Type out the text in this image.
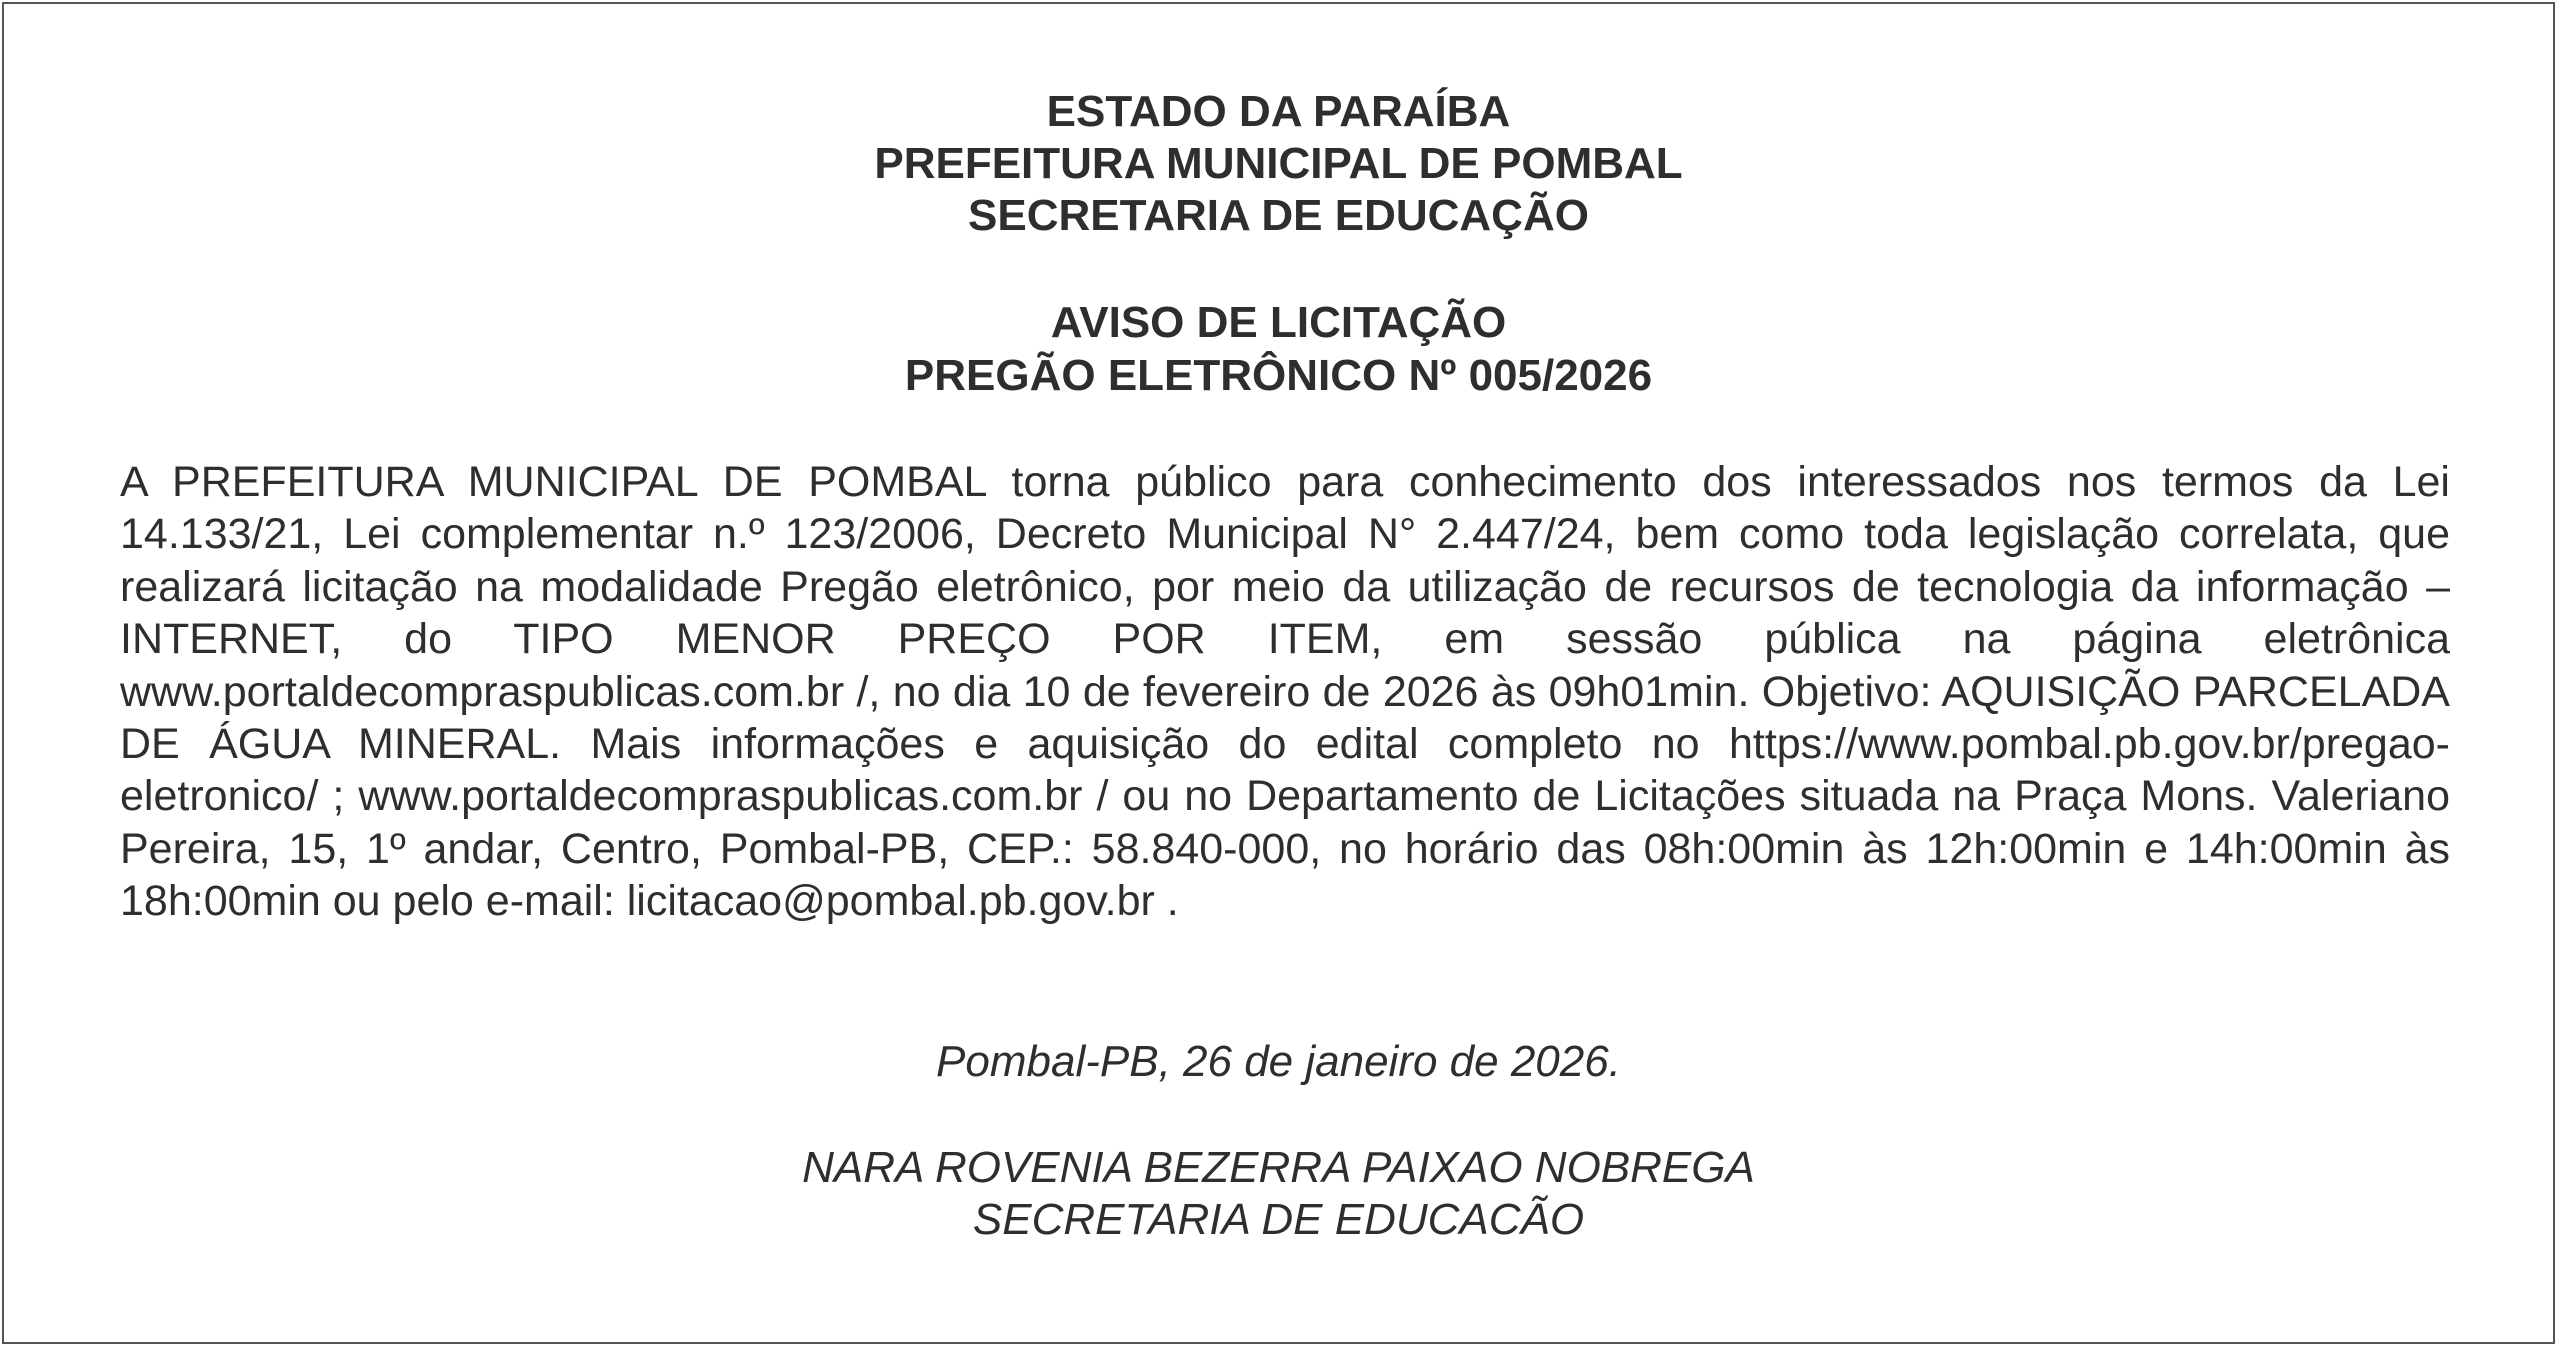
ESTADO DA PARAÍBA
PREFEITURA MUNICIPAL DE POMBAL
SECRETARIA DE EDUCAÇÃO
AVISO DE LICITAÇÃO
PREGÃO ELETRÔNICO Nº 005/2026

A PREFEITURA MUNICIPAL DE POMBAL torna público para conhecimento dos interessados nos termos da Lei 14.133/21, Lei complementar n.º 123/2006, Decreto Municipal N° 2.447/24, bem como toda legislação correlata, que realizará licitação na modalidade Pregão eletrônico, por meio da utilização de recursos de tecnologia da informação – INTERNET, do TIPO MENOR PREÇO POR ITEM, em sessão pública na página eletrônica www.portaldecompraspublicas.com.br /, no dia 10 de fevereiro de 2026 às 09h01min. Objetivo: AQUISIÇÃO PARCELADA DE ÁGUA MINERAL. Mais informações e aquisição do edital completo no https://www.pombal.pb.gov.br/pregao- eletronico/ ; www.portaldecompraspublicas.com.br / ou no Departamento de Licitações situada na Praça Mons. Valeriano Pereira, 15, 1º andar, Centro, Pombal-PB, CEP.: 58.840-000, no horário das 08h:00min às 12h:00min e 14h:00min às 18h:00min ou pelo e-mail: licitacao@pombal.pb.gov.br .

Pombal-PB, 26 de janeiro de 2026.
NARA ROVENIA BEZERRA PAIXAO NOBREGA
SECRETARIA DE EDUCACÃO
